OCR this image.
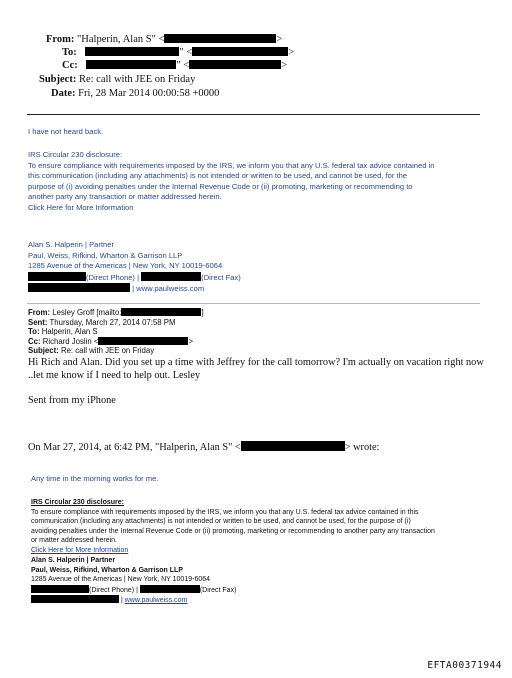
From: "Halperin, Alan S" <	>
To:	" <	>
Cc:	" <	>
Subject: Re: call with JEE on Friday
Date: Fri, 28 Mar 2014 00:00:58 +0000
I have not heard back.
IRS Circular 230 disclosure:
To ensure compliance with requirements imposed by the IRS, we inform you that any U.S. federal tax advice contained in
this communication (including any attachments) is not intended or written to be used, and cannot be used, for the
purpose of (i) avoiding penalties under the Internal Revenue Code or (ii) promoting, marketing or recommending to
another party any transaction or matter addressed herein.
Click Here for More Information
Alan S. Halperin | Partner
Paul, Weiss, Rifkind, Wharton & Garrison LLP
1285 Avenue of the Americas | New York, NY 10019-6064
(Direct Phone) |	(Direct Fax)
| www.paulweiss.com
From: Lesley Groff [mailto:	]
Sent: Thursday, March 27, 2014 07:58 PM
To: Halperin, Alan S
Cc: Richard Joslin <	>
Subject: Re: call with JEE on Friday
Hi Rich and Alan. Did you set up a time with Jeffrey for the call tomorrow? I'm actually on vacation right now
..let me know if I need to help out. Lesley
Sent from my iPhone
On Mar 27, 2014, at 6:42 PM, "Halperin, Alan S" <	> wrote:
Any time in the morning works for me.
IRS Circular 230 disclosure:
To ensure compliance with requirements imposed by the IRS, we inform you that any U.S. federal tax advice contained in this
communication (including any attachments) is not intended or written to be used, and cannot be used, for the purpose of (i)
avoiding penalties under the Internal Revenue Code or (ii) promoting, marketing or recommending to another party any transaction
or matter addressed herein.
Click Here for More Information
Alan S. Halperin | Partner
Paul, Weiss, Rifkind, Wharton & Garrison LLP
1285 Avenue of the Americas | New York, NY 10019-6064
(Direct Phone) |	(Direct Fax)
| www.paulweiss.com
EFTA00371944
